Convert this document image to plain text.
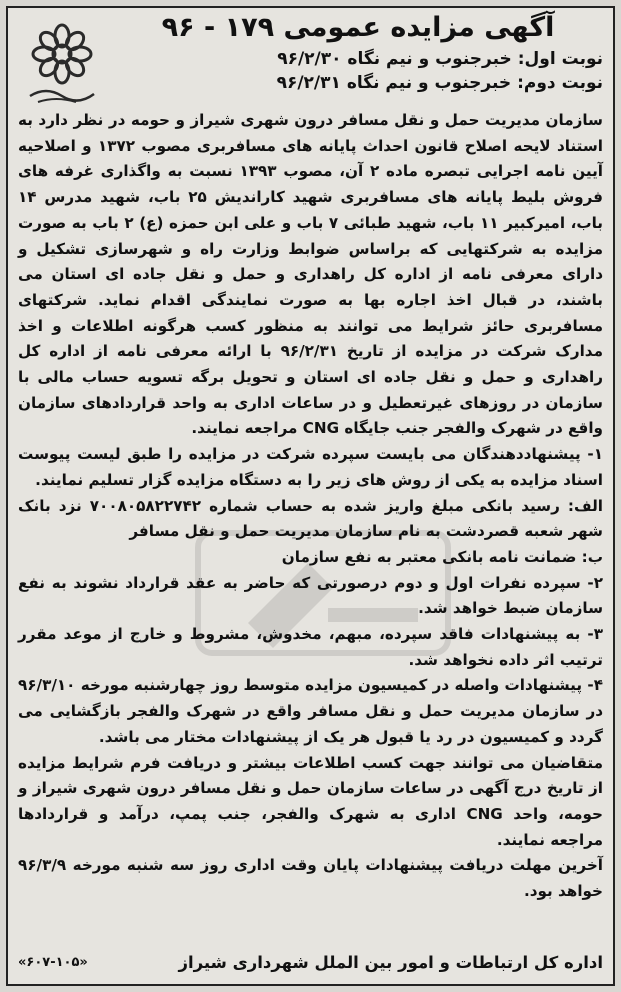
آگهی مزایده عمومی ۱۷۹ - ۹۶
نوبت اول: خبرجنوب و نیم نگاه ۹۶/۲/۳۰
نوبت دوم: خبرجنوب و نیم نگاه ۹۶/۲/۳۱

سازمان مدیریت حمل و نقل مسافر درون شهری شیراز و حومه در نظر دارد به استناد لایحه اصلاح قانون احداث پایانه های مسافربری مصوب ۱۳۷۲ و اصلاحیه آیین نامه اجرایی تبصره ماده ۲ آن، مصوب ۱۳۹۳ نسبت به واگذاری غرفه های فروش بلیط پایانه های مسافربری شهید کاراندیش ۲۵ باب، شهید مدرس ۱۴ باب، امیرکبیر ۱۱ باب، شهید طبائی ۷ باب و علی ابن حمزه (ع) ۲ باب به صورت مزایده به شرکتهایی که براساس ضوابط وزارت راه و شهرسازی تشکیل و دارای معرفی نامه از اداره کل راهداری و حمل و نقل جاده ای استان می باشند، در قبال اخذ اجاره بها به صورت نمایندگی اقدام نماید. شرکتهای مسافربری حائز شرایط می توانند به منظور کسب هرگونه اطلاعات و اخذ مدارک شرکت در مزایده از تاریخ ۹۶/۲/۳۱ با ارائه معرفی نامه از اداره کل راهداری و حمل و نقل جاده ای استان و تحویل برگه تسویه حساب مالی با سازمان در روزهای غیرتعطیل و در ساعات اداری به واحد قراردادهای سازمان واقع در شهرک والفجر جنب جایگاه CNG مراجعه نمایند.

۱- پیشنهاددهندگان می بایست سپرده شرکت در مزایده را طبق لیست پیوست اسناد مزایده به یکی از روش های زیر را به دستگاه مزایده گزار تسلیم نمایند.

الف: رسید بانکی مبلغ واریز شده به حساب شماره ۷۰۰۸۰۵۸۲۲۷۴۲ نزد بانک شهر شعبه قصردشت به نام سازمان مدیریت حمل و نقل مسافر

ب: ضمانت نامه بانکی معتبر به نفع سازمان

۲- سپرده نفرات اول و دوم درصورتی که حاضر به عقد قرارداد نشوند به نفع سازمان ضبط خواهد شد.

۳- به پیشنهادات فاقد سپرده، مبهم، مخدوش، مشروط و خارج از موعد مقرر ترتیب اثر داده نخواهد شد.

۴- پیشنهادات واصله در کمیسیون مزایده متوسط روز چهارشنبه مورخه ۹۶/۳/۱۰ در سازمان مدیریت حمل و نقل مسافر واقع در شهرک والفجر بازگشایی می گردد و کمیسیون در رد یا قبول هر یک از پیشنهادات مختار می باشد.

متقاضیان می توانند جهت کسب اطلاعات بیشتر و دریافت فرم شرایط مزایده از تاریخ درج آگهی در ساعات سازمان حمل و نقل مسافر درون شهری شیراز و حومه، واحد CNG اداری به شهرک والفجر، جنب پمپ، درآمد و قراردادها مراجعه نمایند.

آخرین مهلت دریافت پیشنهادات پایان وقت اداری روز سه شنبه مورخه ۹۶/۳/۹ خواهد بود.

اداره کل ارتباطات و امور بین الملل شهرداری شیراز
«۶۰۷-۱۰۵»
